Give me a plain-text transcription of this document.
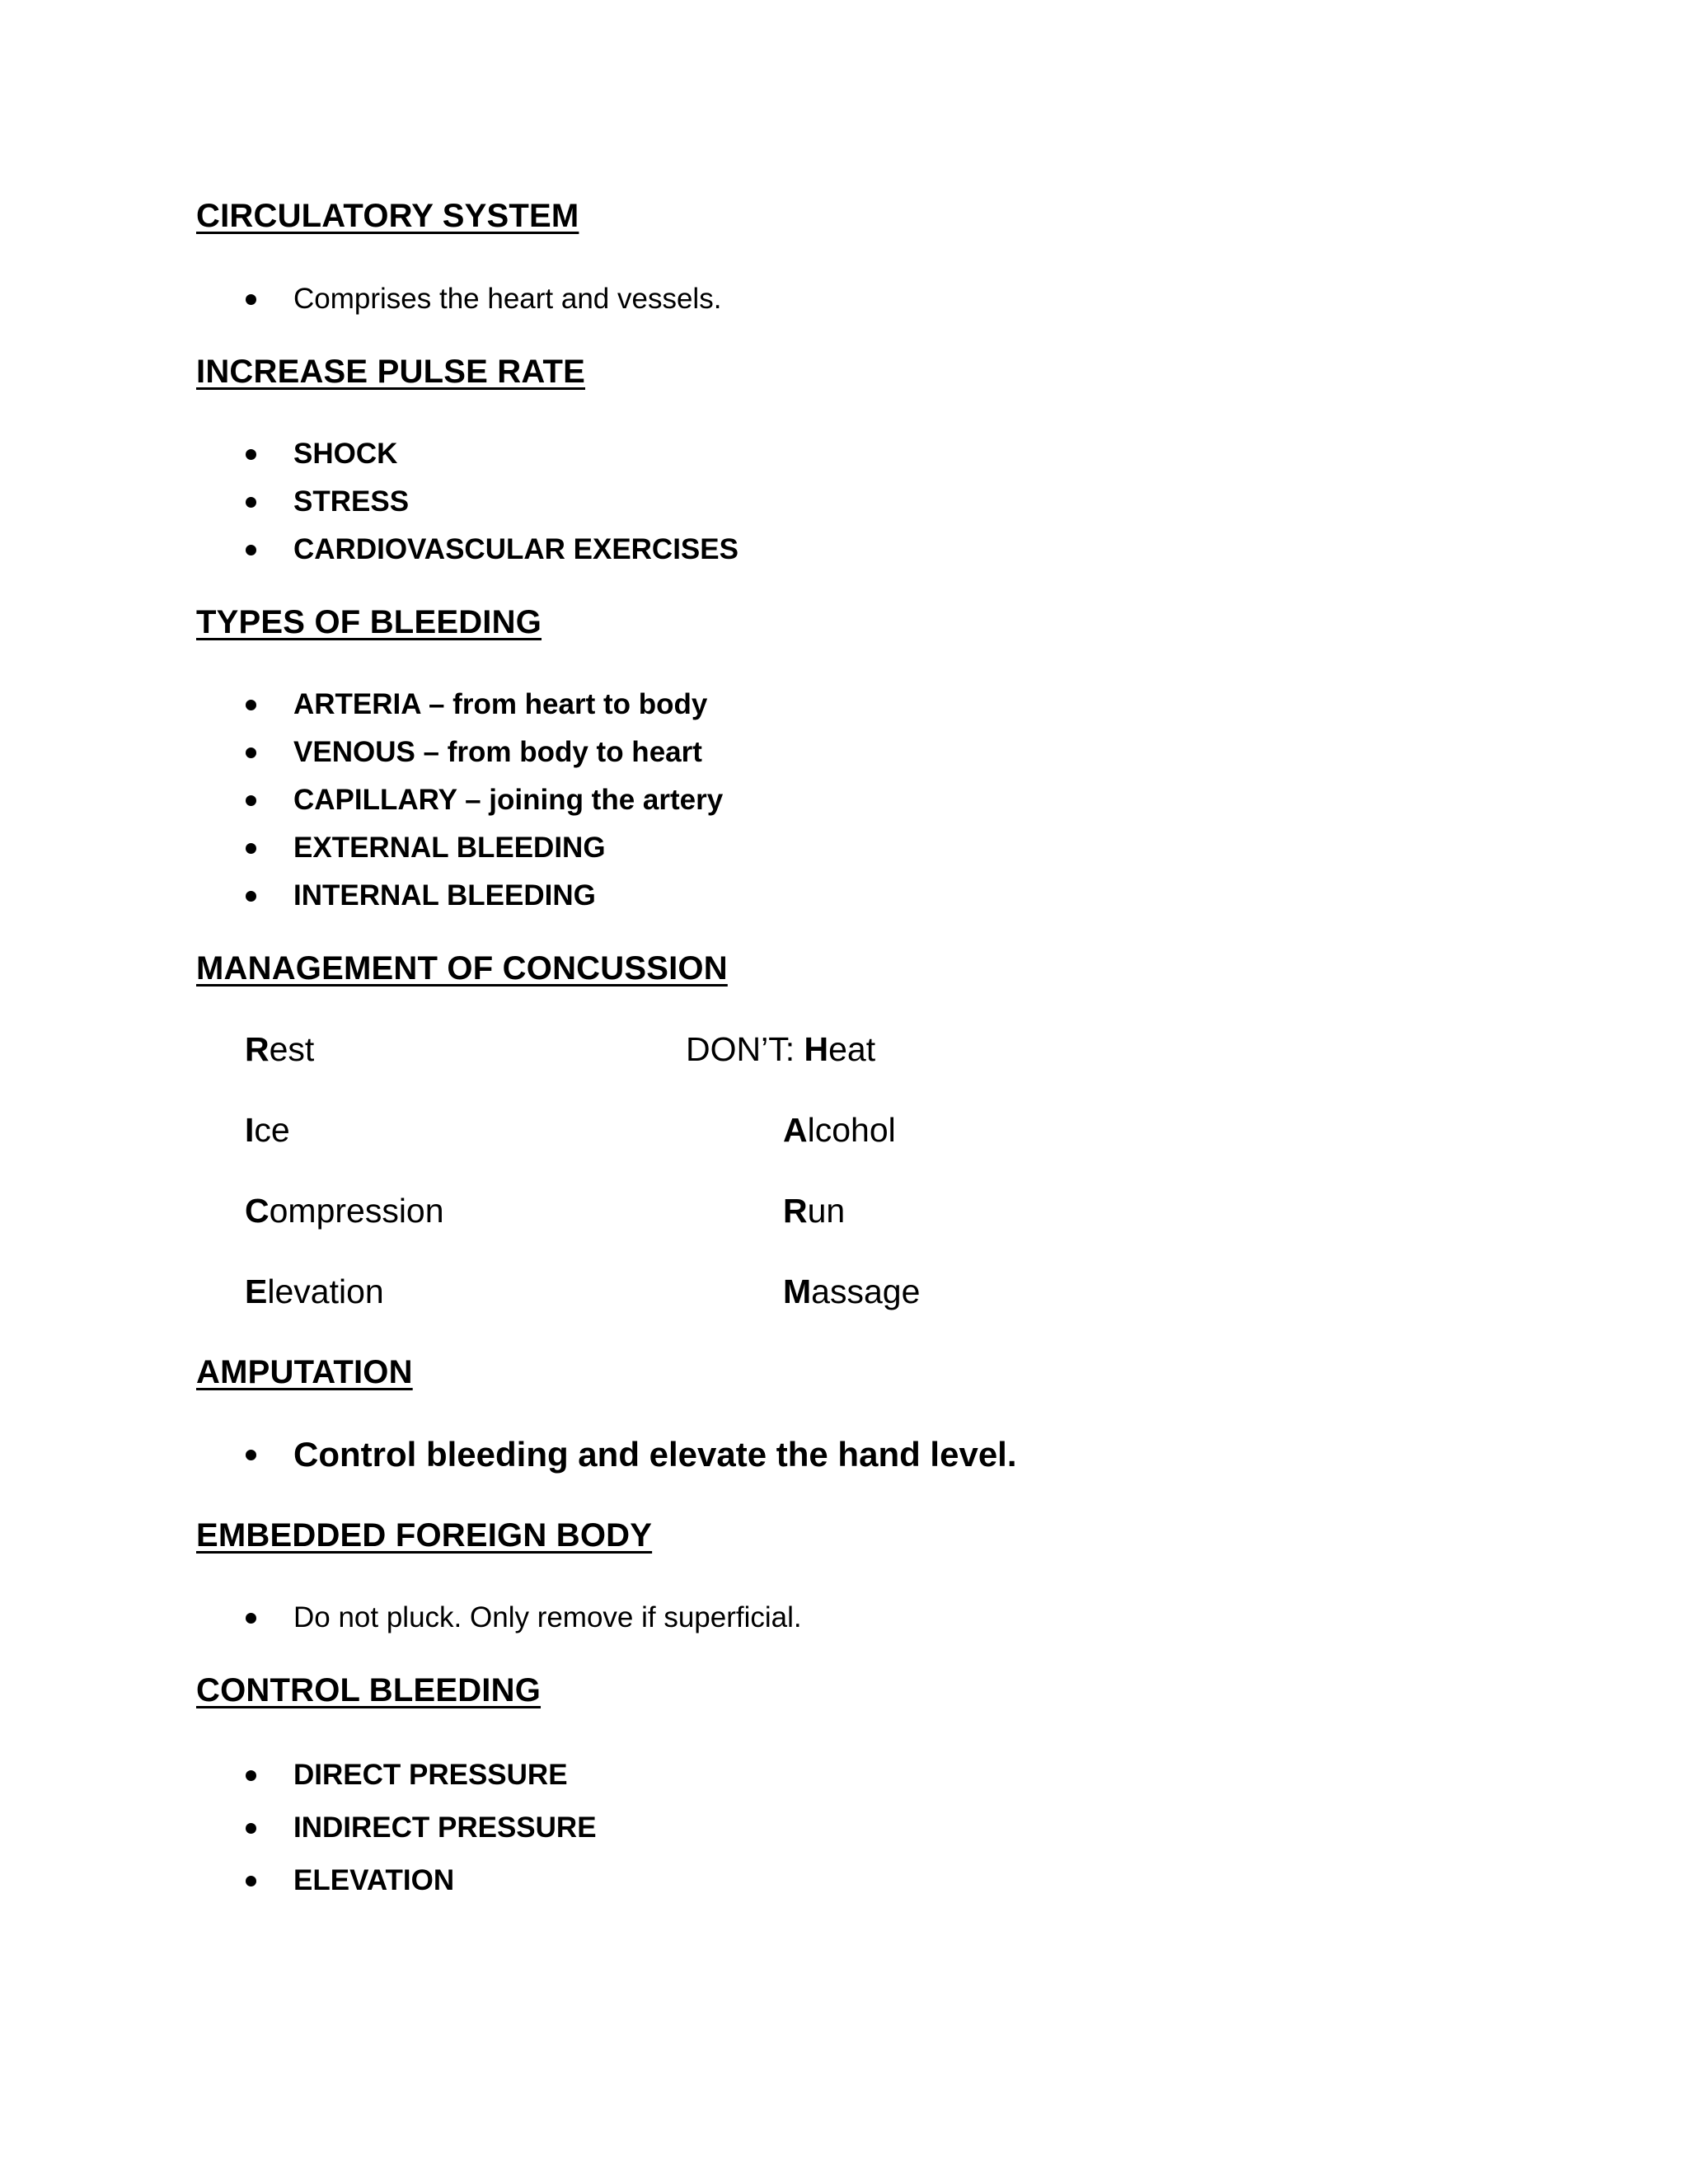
CIRCULATORY SYSTEM
Comprises the heart and vessels.
INCREASE PULSE RATE
SHOCK
STRESS
CARDIOVASCULAR EXERCISES
TYPES OF BLEEDING
ARTERIA – from heart to body
VENOUS – from body to heart
CAPILLARY – joining the artery
EXTERNAL BLEEDING
INTERNAL BLEEDING
MANAGEMENT OF CONCUSSION
Rest
Ice
Compression
Elevation
DON’T: Heat
Alcohol
Run
Massage
AMPUTATION
Control bleeding and elevate the hand level.
EMBEDDED FOREIGN BODY
Do not pluck. Only remove if superficial.
CONTROL BLEEDING
DIRECT PRESSURE
INDIRECT PRESSURE
ELEVATION
